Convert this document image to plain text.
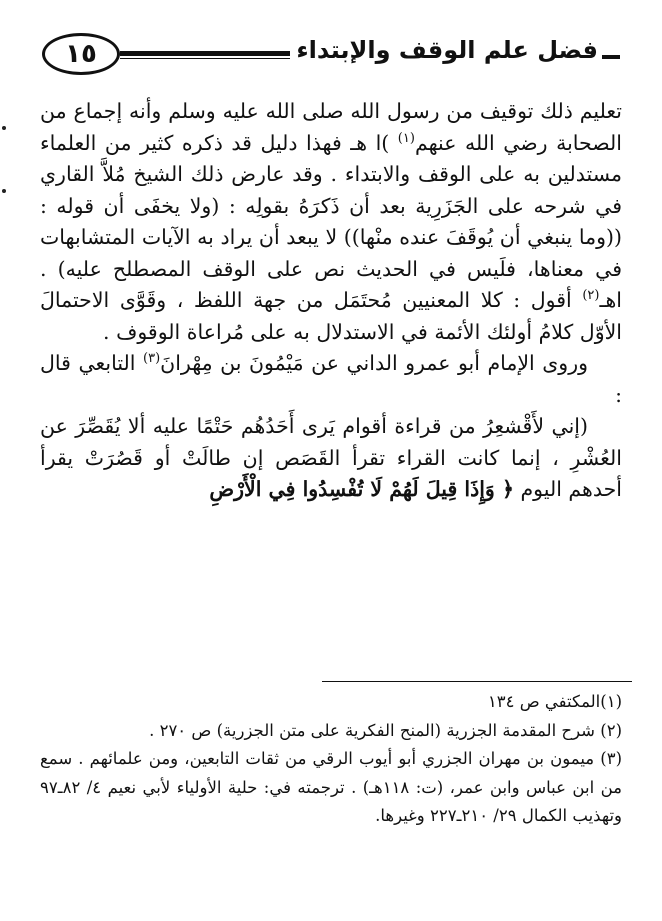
١٥	فضل علم الوقف والإبتداء

تعليم ذلك توقيف من رسول الله صلى الله عليه وسلم وأنه إجماع من الصحابة رضي الله عنهم$^{(١)}$ )ا هـ فهذا دليل قد ذكره كثير من العلماء مستدلين به على الوقف والابتداء . وقد عارض ذلك الشيخ مُلاَّ القاري في شرحه على الجَزَرِية بعد أن ذَكرَهُ بقولِه : (ولا يخفَى أن قوله : ((وما ينبغي أن يُوقَفَ عنده منْها)) لا يبعد أن يراد به الآيات المتشابهات في معناها، فلَيس في الحديث نص على الوقف المصطلح عليه) . اهـ$^{(٢)}$ أقول : كلا المعنيين مُحتَمَل من جهة اللفظ ، وقَوَّى الاحتمالَ الأوّل كلامُ أولئك الأئمة في الاستدلال به على مُراعاة الوقوف .

وروى الإمام أبو عمرو الداني عن مَيْمُونَ بن مِهْرانَ$^{(٣)}$ التابعي قال :

(إني لأَقْشعِرُ من قراءة أقوام يَرى أَحَدُهُم حَتْمًا عليه ألا يُقَصِّرَ عن العُشْرِ ، إنما كانت القراء تقرأ القَصَص إن طالَتْ أو قَصُرَتْ يقرأ أحدهم اليوم ﴿ وَإِذَا قِيلَ لَهُمْ لَا تُفْسِدُوا فِي الْأَرْضِ

(١)المكتفي ص ١٣٤

(٢) شرح المقدمة الجزرية (المنح الفكرية على متن الجزرية) ص ٢٧٠ .

(٣) ميمون بن مهران الجزري أبو أيوب الرقي من ثقات التابعين، ومن علمائهم . سمع من ابن عباس وابن عمر، (ت: ١١٨هـ) . ترجمته في: حلية الأولياء لأبي نعيم ٤/ ٨٢ـ٩٧ وتهذيب الكمال ٢٩/ ٢١٠ـ٢٢٧ وغيرها.
